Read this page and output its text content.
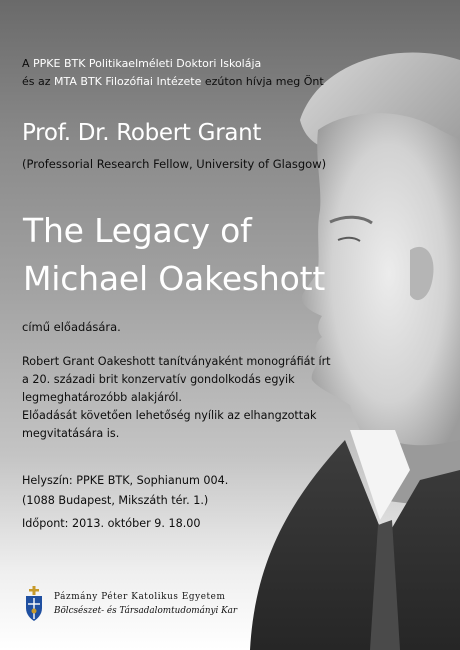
A PPKE BTK Politikaelméleti Doktori Iskolája
és az MTA BTK Filozófiai Intézete ezúton hívja meg Önt
Prof. Dr. Robert Grant
(Professorial Research Fellow, University of Glasgow)
The Legacy of
Michael Oakeshott
című előadására.
Robert Grant Oakeshott tanítványaként monográfiát írt
a 20. századi brit konzervatív gondolkodás egyik
legmeghatározóbb alakjáról.
Előadását követően lehetőség nyílik az elhangzottak
megvitatására is.
Helyszín: PPKE BTK, Sophianum 004.
(1088 Budapest, Mikszáth tér. 1.)
Időpont: 2013. október 9. 18.00
Pázmány Péter Katolikus Egyetem
Bölcsészet- és Társadalomtudományi Kar
